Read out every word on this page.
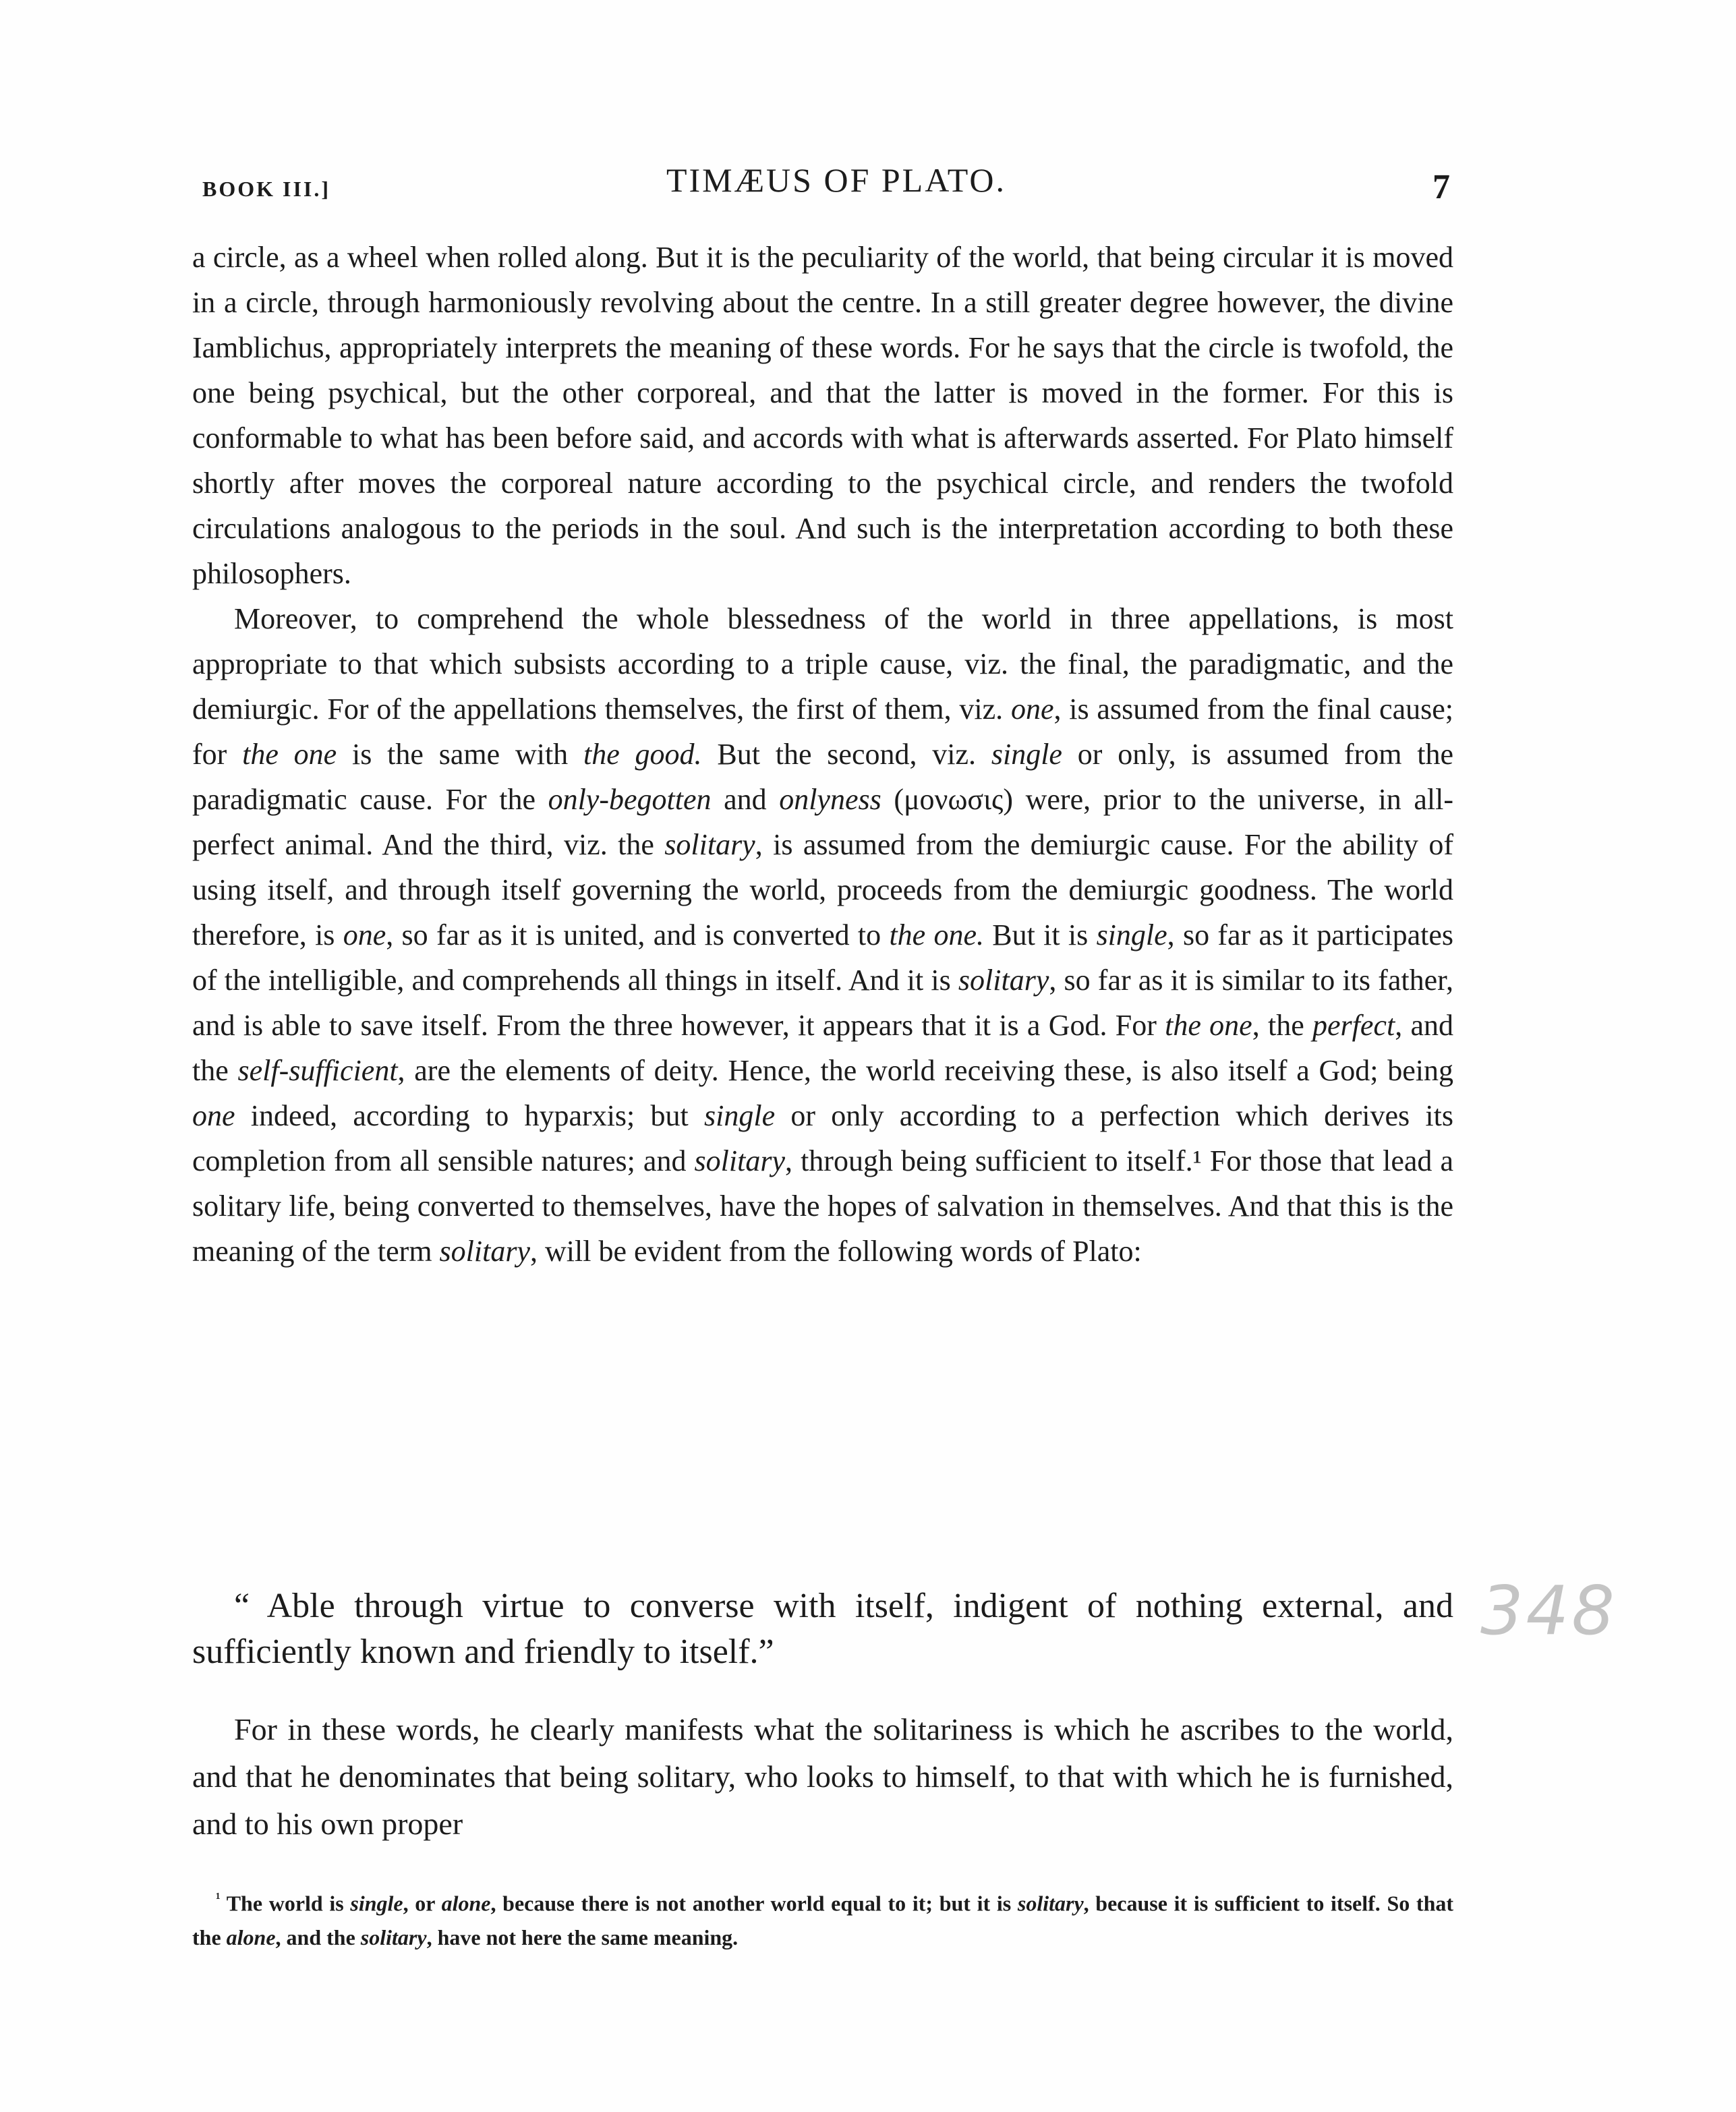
BOOK III.]	TIMÆUS OF PLATO.	7

a circle, as a wheel when rolled along. But it is the peculiarity of the world, that being circular it is moved in a circle, through harmoniously revolving about the centre. In a still greater degree however, the divine Iamblichus, appropriately interprets the meaning of these words. For he says that the circle is twofold, the one being psychical, but the other corporeal, and that the latter is moved in the former. For this is conformable to what has been before said, and accords with what is afterwards asserted. For Plato himself shortly after moves the corporeal nature according to the psychical circle, and renders the twofold circulations analogous to the periods in the soul. And such is the interpretation according to both these philosophers.

Moreover, to comprehend the whole blessedness of the world in three appellations, is most appropriate to that which subsists according to a triple cause, viz. the final, the paradigmatic, and the demiurgic. For of the appellations themselves, the first of them, viz. one, is assumed from the final cause; for the one is the same with the good. But the second, viz. single or only, is assumed from the paradigmatic cause. For the only-begotten and onlyness (μονωσις) were, prior to the universe, in all-perfect animal. And the third, viz. the solitary, is assumed from the demiurgic cause. For the ability of using itself, and through itself governing the world, proceeds from the demiurgic goodness. The world therefore, is one, so far as it is united, and is converted to the one. But it is single, so far as it participates of the intelligible, and comprehends all things in itself. And it is solitary, so far as it is similar to its father, and is able to save itself. From the three however, it appears that it is a God. For the one, the perfect, and the self-sufficient, are the elements of deity. Hence, the world receiving these, is also itself a God; being one indeed, according to hyparxis; but single or only according to a perfection which derives its completion from all sensible natures; and solitary, through being sufficient to itself.¹ For those that lead a solitary life, being converted to themselves, have the hopes of salvation in themselves. And that this is the meaning of the term solitary, will be evident from the following words of Plato:

“ Able through virtue to converse with itself, indigent of nothing external, and sufficiently known and friendly to itself.”

For in these words, he clearly manifests what the solitariness is which he ascribes to the world, and that he denominates that being solitary, who looks to himself, to that with which he is furnished, and to his own proper

$^{^1}$ The world is single, or alone, because there is not another world equal to it; but it is solitary, because it is sufficient to itself. So that the alone, and the solitary, have not here the same meaning.

348
